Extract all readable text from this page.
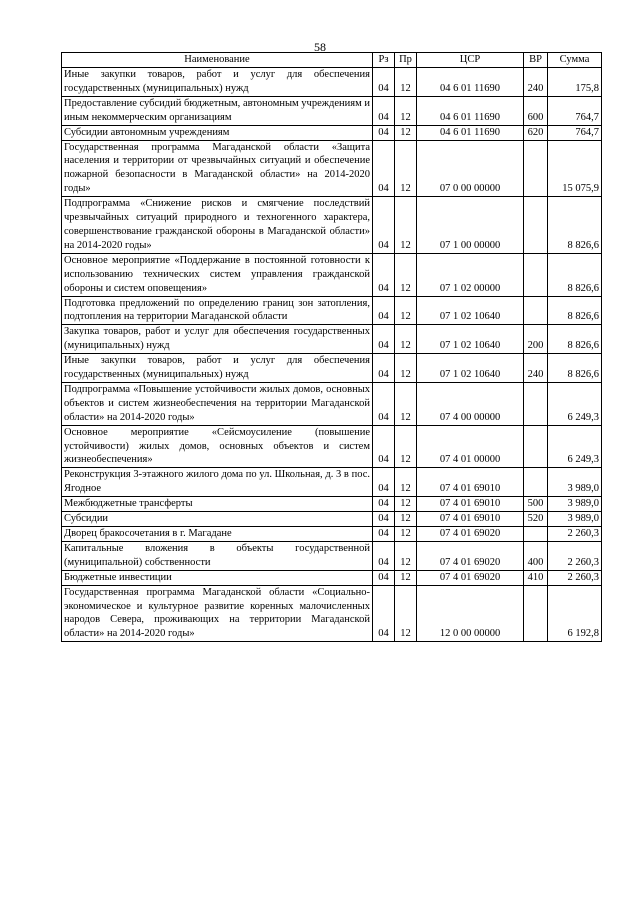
58
Наименование	Рз	Пр	ЦСР	ВР	Сумма
Иные закупки товаров, работ и услуг для обеспечения государственных (муниципальных) нужд	04	12	04 6 01 11690	240	175,8
Предоставление субсидий бюджетным, автономным учреждениям и иным некоммерческим организациям	04	12	04 6 01 11690	600	764,7
Субсидии автономным учреждениям	04	12	04 6 01 11690	620	764,7
Государственная программа Магаданской области «Защита населения и территории от чрезвычайных ситуаций и обеспечение пожарной безопасности в Магаданской области» на 2014-2020 годы»	04	12	07 0 00 00000		15 075,9
Подпрограмма «Снижение рисков и смягчение последствий чрезвычайных ситуаций природного и техногенного характера, совершенствование гражданской обороны в Магаданской области» на 2014-2020 годы»	04	12	07 1 00 00000		8 826,6
Основное мероприятие «Поддержание в постоянной готовности к использованию технических систем управления гражданской обороны и систем оповещения»	04	12	07 1 02 00000		8 826,6
Подготовка предложений по определению границ зон затопления, подтопления на территории Магаданской области	04	12	07 1 02 10640		8 826,6
Закупка товаров, работ и услуг для обеспечения государственных (муниципальных) нужд	04	12	07 1 02 10640	200	8 826,6
Иные закупки товаров, работ и услуг для обеспечения государственных (муниципальных) нужд	04	12	07 1 02 10640	240	8 826,6
Подпрограмма «Повышение устойчивости жилых домов, основных объектов и систем жизнеобеспечения на территории Магаданской области» на 2014-2020 годы»	04	12	07 4 00 00000		6 249,3
Основное мероприятие «Сейсмоусиление (повышение устойчивости) жилых домов, основных объектов и систем жизнеобеспечения»	04	12	07 4 01 00000		6 249,3
Реконструкция 3-этажного жилого дома по ул. Школьная, д. 3 в пос. Ягодное	04	12	07 4 01 69010		3 989,0
Межбюджетные трансферты	04	12	07 4 01 69010	500	3 989,0
Субсидии	04	12	07 4 01 69010	520	3 989,0
Дворец бракосочетания в г. Магадане	04	12	07 4 01 69020		2 260,3
Капитальные вложения в объекты государственной (муниципальной) собственности	04	12	07 4 01 69020	400	2 260,3
Бюджетные инвестиции	04	12	07 4 01 69020	410	2 260,3
Государственная программа Магаданской области «Социально-экономическое и культурное развитие коренных малочисленных народов Севера, проживающих на территории Магаданской области» на 2014-2020 годы»	04	12	12 0 00 00000		6 192,8
